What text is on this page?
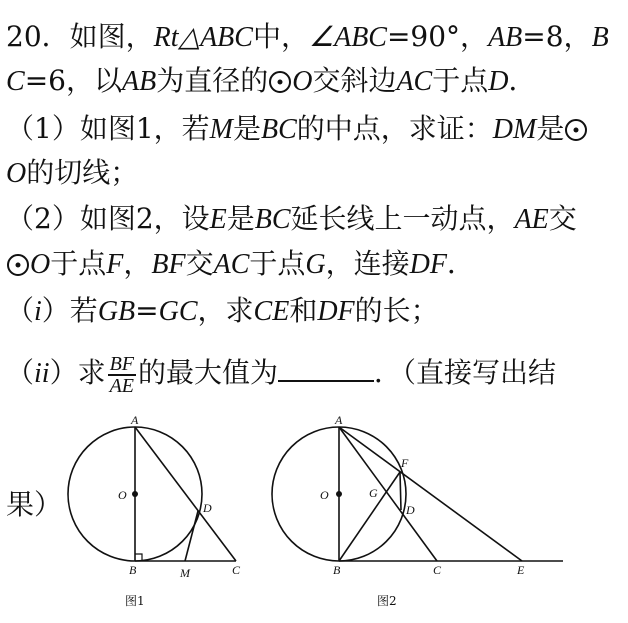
20．如图，Rt△ABC中，∠ABC=90°，AB=8，B
C=6，以AB为直径的 O交斜边AC于点D．
（1）如图1，若M是BC的中点，求证：DM是
O的切线；
（2）如图2，设E是BC延长线上一动点，AE交
O于点F，BF交AC于点G，连接DF．
（i）若GB=GC，求CE和DF的长；
（ii）求 $\frac{BF}{AE}$ 的最大值为	．（直接写出结
果）
A
O
D
B	M	C
图1
A
F
O	G
D
B	C	E
图2
